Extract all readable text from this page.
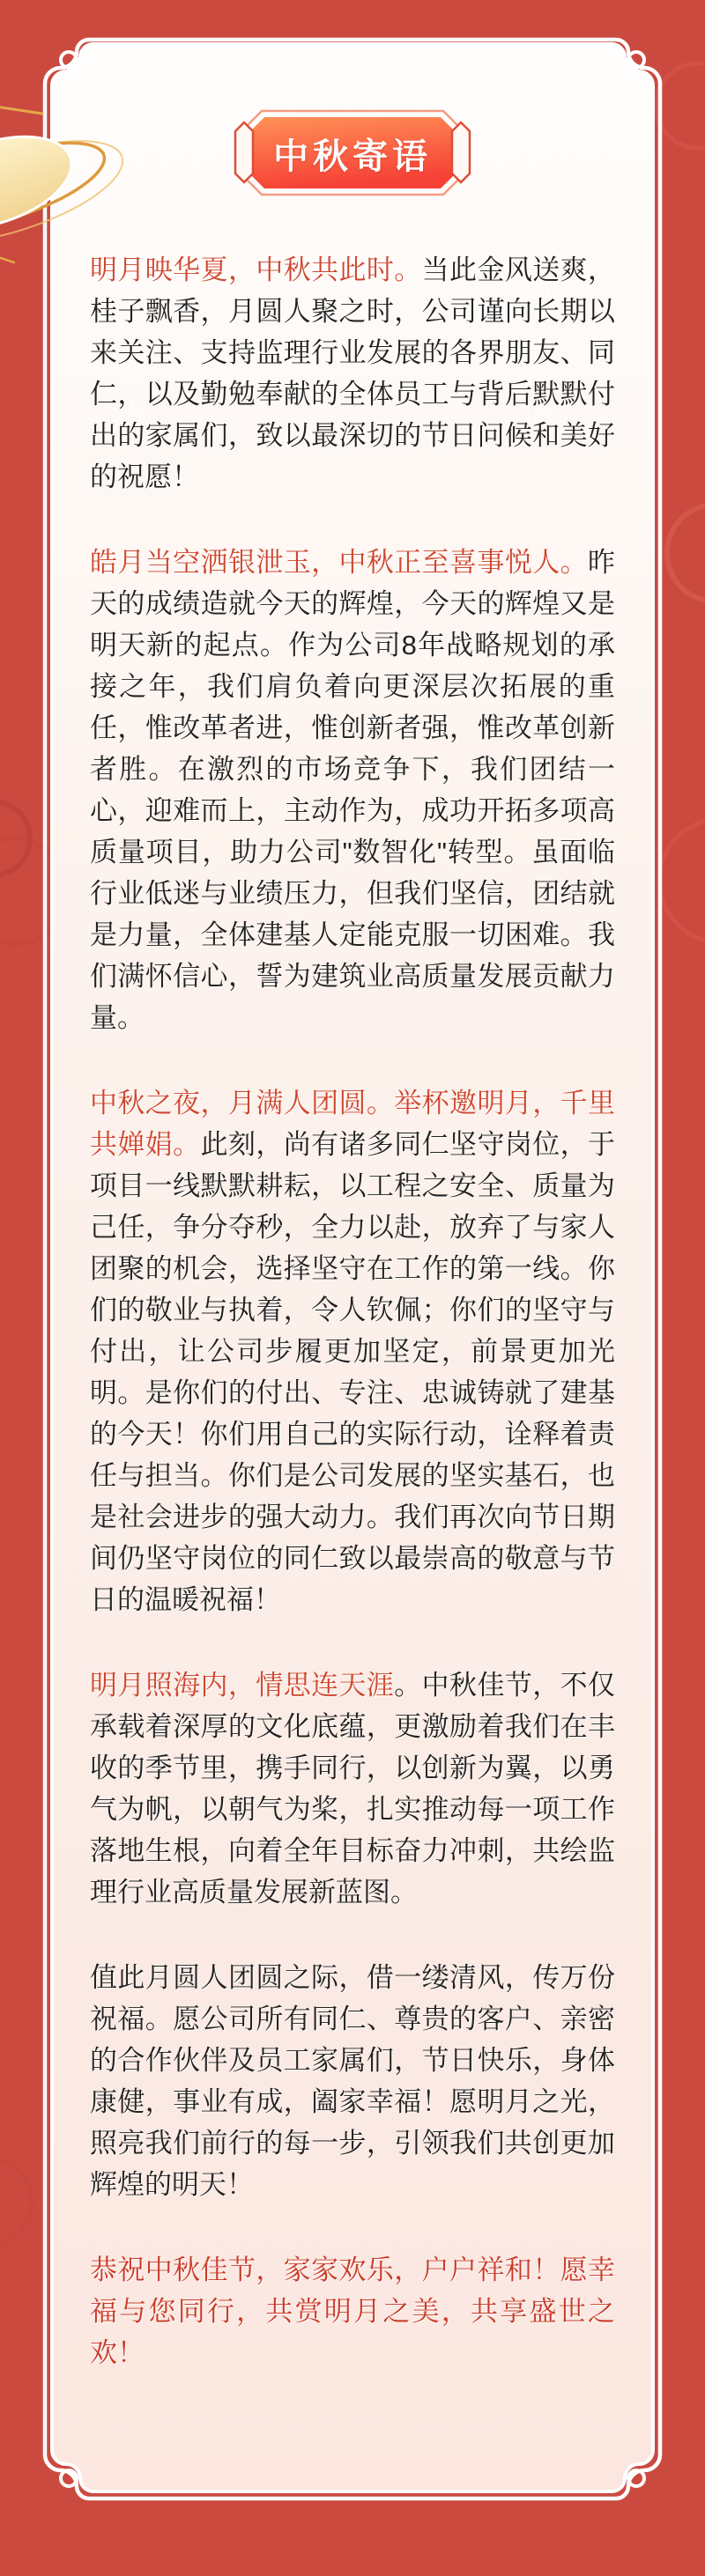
中秋寄语	中秋寄语
中秋寄语

明月映华夏，中秋共此时。当此金风送爽，桂子飘香，月圆人聚之时，公司谨向长期以来关注、支持监理行业发展的各界朋友、同仁，以及勤勉奉献的全体员工与背后默默付出的家属们，致以最深切的节日问候和美好的祝愿！

皓月当空洒银泄玉，中秋正至喜事悦人。昨天的成绩造就今天的辉煌，今天的辉煌又是明天新的起点。作为公司8年战略规划的承接之年，我们肩负着向更深层次拓展的重任，惟改革者进，惟创新者强，惟改革创新者胜。在激烈的市场竞争下，我们团结一心，迎难而上，主动作为，成功开拓多项高质量项目，助力公司"数智化"转型。虽面临行业低迷与业绩压力，但我们坚信，团结就是力量，全体建基人定能克服一切困难。我们满怀信心，誓为建筑业高质量发展贡献力量。

中秋之夜，月满人团圆。举杯邀明月，千里共婵娟。此刻，尚有诸多同仁坚守岗位，于项目一线默默耕耘，以工程之安全、质量为己任，争分夺秒，全力以赴，放弃了与家人团聚的机会，选择坚守在工作的第一线。你们的敬业与执着，令人钦佩；你们的坚守与付出，让公司步履更加坚定，前景更加光明。是你们的付出、专注、忠诚铸就了建基的今天！你们用自己的实际行动，诠释着责任与担当。你们是公司发展的坚实基石，也是社会进步的强大动力。我们再次向节日期间仍坚守岗位的同仁致以最崇高的敬意与节日的温暖祝福！

明月照海内，情思连天涯。中秋佳节，不仅承载着深厚的文化底蕴，更激励着我们在丰收的季节里，携手同行，以创新为翼，以勇气为帆，以朝气为桨，扎实推动每一项工作落地生根，向着全年目标奋力冲刺，共绘监理行业高质量发展新蓝图。

值此月圆人团圆之际，借一缕清风，传万份祝福。愿公司所有同仁、尊贵的客户、亲密的合作伙伴及员工家属们，节日快乐，身体康健，事业有成，阖家幸福！愿明月之光，照亮我们前行的每一步，引领我们共创更加辉煌的明天！

恭祝中秋佳节，家家欢乐，户户祥和！愿幸福与您同行，共赏明月之美，共享盛世之欢！
